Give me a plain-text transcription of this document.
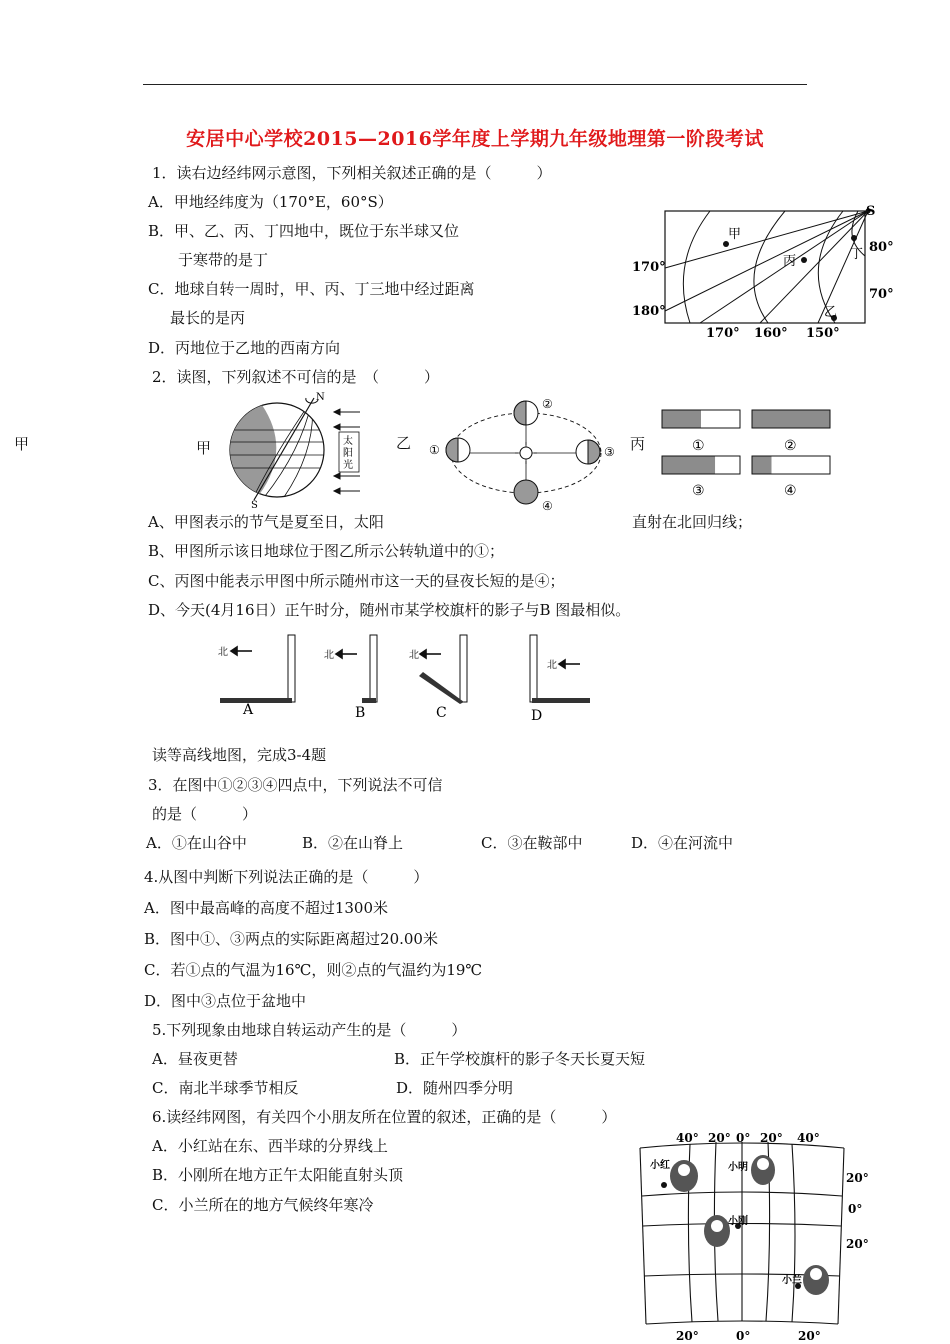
甲
安居中心学校2015—2016学年度上学期九年级地理第一阶段考试
1．读右边经纬网示意图，下列相关叙述正确的是（　　　）
A．甲地经纬度为（170°E，60°S）
B．甲、乙、丙、丁四地中，既位于东半球又位
于寒带的是丁
C．地球自转一周时，甲、丙、丁三地中经过距离
最长的是丙
D．丙地位于乙地的西南方向
S
甲
丙	丁
乙
80°
70°
170°
180°
170° 160° 150°
2．读图，下列叙述不可信的是　（　　　）
甲	乙	丙
N
S
太
阳
光
①
②
③
④
①	②
③	④
A、甲图表示的节气是夏至日，太阳	直射在北回归线；
B、甲图所示该日地球位于图乙所示公转轨道中的①；
C、丙图中能表示甲图中所示随州市这一天的昼夜长短的是④；
D、今天(4月16日）正午时分，随州市某学校旗杆的影子与B 图最相似。
北	北	北
北
A	B	C	D
读等高线地图，完成3-4题
3．在图中①②③④四点中，下列说法不可信
的是（　　　）
A．①在山谷中	B．②在山脊上	C．③在鞍部中	D．④在河流中
4.从图中判断下列说法正确的是（　　　）
A．图中最高峰的高度不超过1300米
B．图中①、③两点的实际距离超过20.00米
C．若①点的气温为16℃，则②点的气温约为19℃
D．图中③点位于盆地中
5.下列现象由地球自转运动产生的是（　　　）
A．昼夜更替	B．正午学校旗杆的影子冬天长夏天短
C．南北半球季节相反	D．随州四季分明
6.读经纬网图，有关四个小朋友所在位置的叙述，正确的是（　　　）
A．小红站在东、西半球的分界线上
B．小刚所在地方正午太阳能直射头顶
C．小兰所在的地方气候终年寒冷
40° 20° 0° 20° 40°
20°	0°	20°
20°
0°
20°
小红	小明
小刚
小兰
